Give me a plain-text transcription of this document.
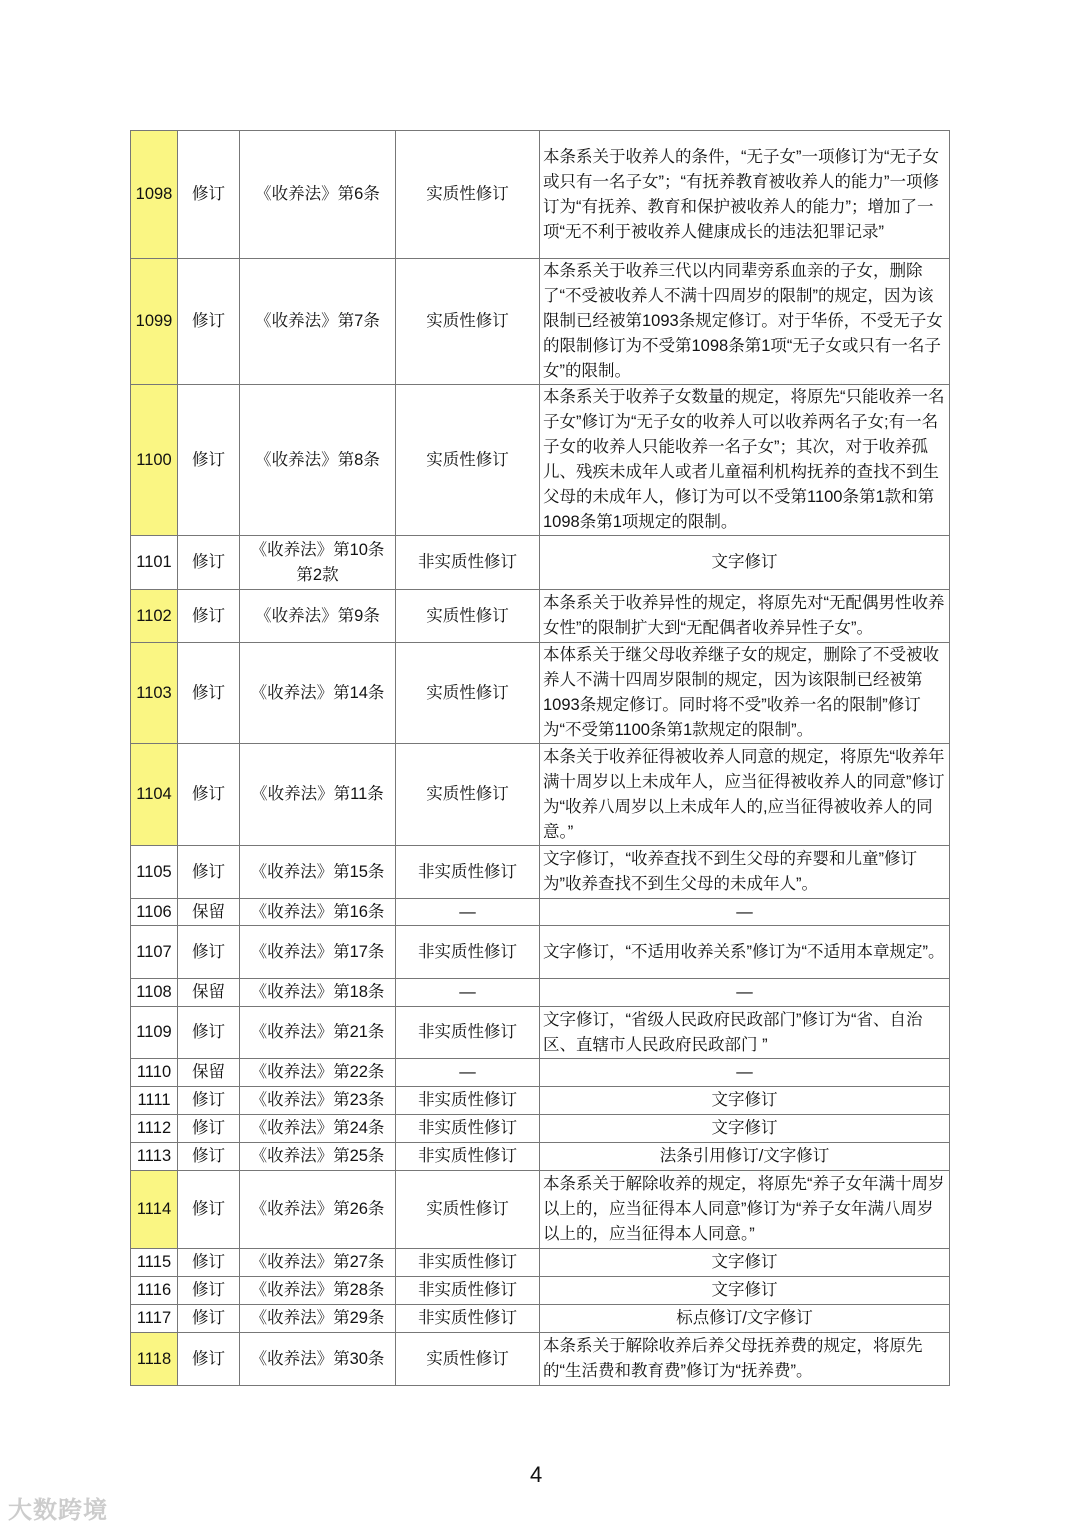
1098	修订	《收养法》第6条	实质性修订	本条系关于收养人的条件，“无子女”一项修订为“无子女或只有一名子女”；“有抚养教育被收养人的能力”一项修订为“有抚养、教育和保护被收养人的能力”；增加了一项“无不利于被收养人健康成长的违法犯罪记录”
1099	修订	《收养法》第7条	实质性修订	本条系关于收养三代以内同辈旁系血亲的子女，删除了“不受被收养人不满十四周岁的限制”的规定，因为该限制已经被第1093条规定修订。对于华侨，不受无子女的限制修订为不受第1098条第1项“无子女或只有一名子女”的限制。
1100	修订	《收养法》第8条	实质性修订	本条系关于收养子女数量的规定，将原先“只能收养一名子女”修订为“无子女的收养人可以收养两名子女;有一名 子女的收养人只能收养一名子女”；其次，对于收养孤儿、残疾未成年人或者儿童福利机构抚养的查找不到生父母的未成年人，修订为可以不受第1100条第1款和第1098条第1项规定的限制。
1101	修订	《收养法》第10条第2款	非实质性修订	文字修订
1102	修订	《收养法》第9条	实质性修订	本条系关于收养异性的规定，将原先对“无配偶男性收养女性”的限制扩大到“无配偶者收养异性子女”。
1103	修订	《收养法》第14条	实质性修订	本体系关于继父母收养继子女的规定，删除了不受被收养人不满十四周岁限制的规定，因为该限制已经被第1093条规定修订。同时将不受”收养一名的限制”修订为“不受第1100条第1款规定的限制”。
1104	修订	《收养法》第11条	实质性修订	本条关于收养征得被收养人同意的规定，将原先“收养年满十周岁以上未成年人，应当征得被收养人的同意”修订为“收养八周岁以上未成年人的,应当征得被收养人的同意。”
1105	修订	《收养法》第15条	非实质性修订	文字修订，“收养查找不到生父母的弃婴和儿童”修订为”收养查找不到生父母的未成年人”。
1106	保留	《收养法》第16条	—	—
1107	修订	《收养法》第17条	非实质性修订	文字修订，“不适用收养关系”修订为“不适用本章规定”。
1108	保留	《收养法》第18条	—	—
1109	修订	《收养法》第21条	非实质性修订	文字修订，“省级人民政府民政部门”修订为“省、自治区、直辖市人民政府民政部门 ”
1110	保留	《收养法》第22条	—	—
1111	修订	《收养法》第23条	非实质性修订	文字修订
1112	修订	《收养法》第24条	非实质性修订	文字修订
1113	修订	《收养法》第25条	非实质性修订	法条引用修订/文字修订
1114	修订	《收养法》第26条	实质性修订	本条系关于解除收养的规定，将原先“养子女年满十周岁以上的，应当征得本人同意”修订为“养子女年满八周岁以上的，应当征得本人同意。”
1115	修订	《收养法》第27条	非实质性修订	文字修订
1116	修订	《收养法》第28条	非实质性修订	文字修订
1117	修订	《收养法》第29条	非实质性修订	标点修订/文字修订
1118	修订	《收养法》第30条	实质性修订	本条系关于解除收养后养父母抚养费的规定，将原先的“生活费和教育费”修订为“抚养费”。
4
大数跨境
